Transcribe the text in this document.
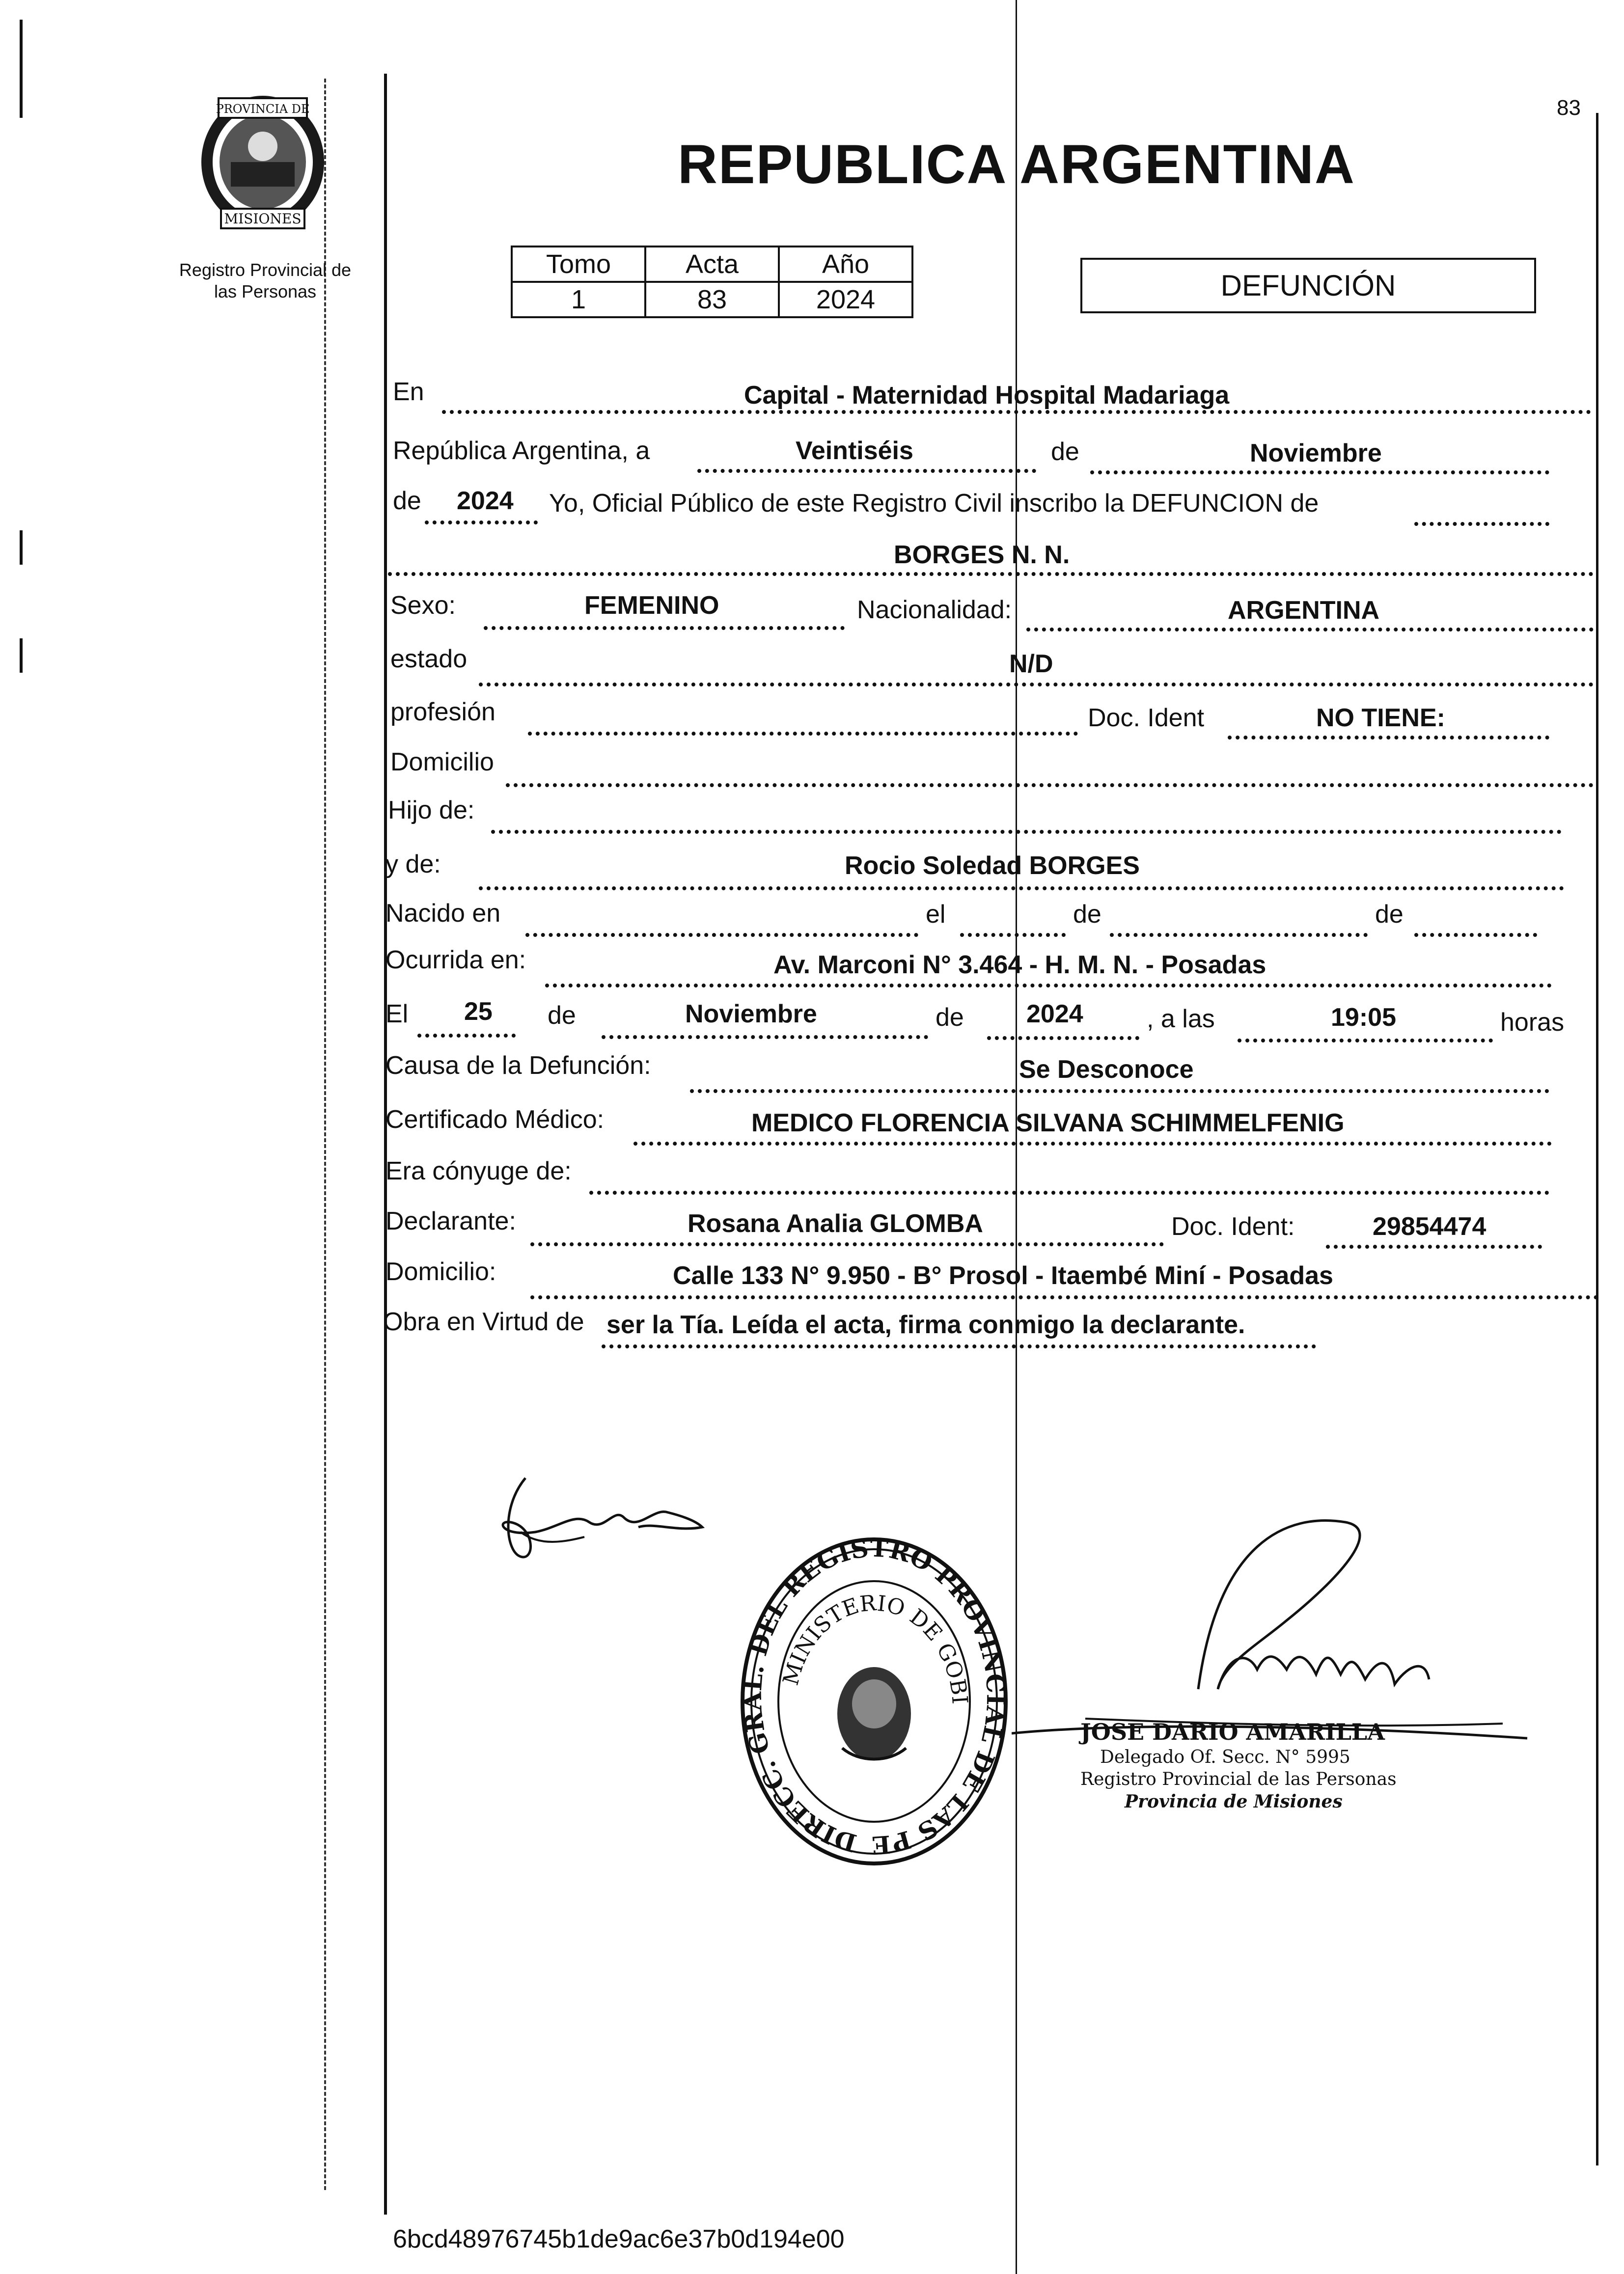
83
PROVINCIA DE
MISIONES
Registro Provincial de
las Personas
REPUBLICA ARGENTINA
Tomo	Acta	Año
1	83	2024	DEFUNCIÓN
En	Capital - Maternidad Hospital Madariaga
República Argentina, a	Veintiséis	de	Noviembre
de 2024 Yo, Oficial Público de este Registro Civil inscribo la DEFUNCION de
BORGES N. N.
Sexo:	FEMENINO	Nacionalidad:	ARGENTINA
estado	N/D
profesión	Doc. Ident	NO TIENE:
Domicilio
Hijo de:
y de:	Rocio Soledad BORGES
Nacido en	el	de	de
Ocurrida en:	Av. Marconi N° 3.464 - H. M. N. - Posadas
El 25 de	Noviembre	de 2024 , a las	19:05	horas
Causa de la Defunción:	Se Desconoce
Certificado Médico:	MEDICO FLORENCIA SILVANA SCHIMMELFENIG
Era cónyuge de:
Declarante:	Rosana Analia GLOMBA	Doc. Ident:	29854474
Domicilio:	Calle 133 N° 9.950 - B° Prosol - Itaembé Miní - Posadas
Obra en Virtud de ser la Tía. Leída el acta, firma conmigo la declarante.
DIRECC. GRAL. DEL REGISTRO PROVINCIAL DE LAS PE
MINISTERIO DE GOBI
JOSE DARIO AMARILLA
Delegado Of. Secc. N° 5995
Registro Provincial de las Personas
Provincia de Misiones
6bcd48976745b1de9ac6e37b0d194e00
